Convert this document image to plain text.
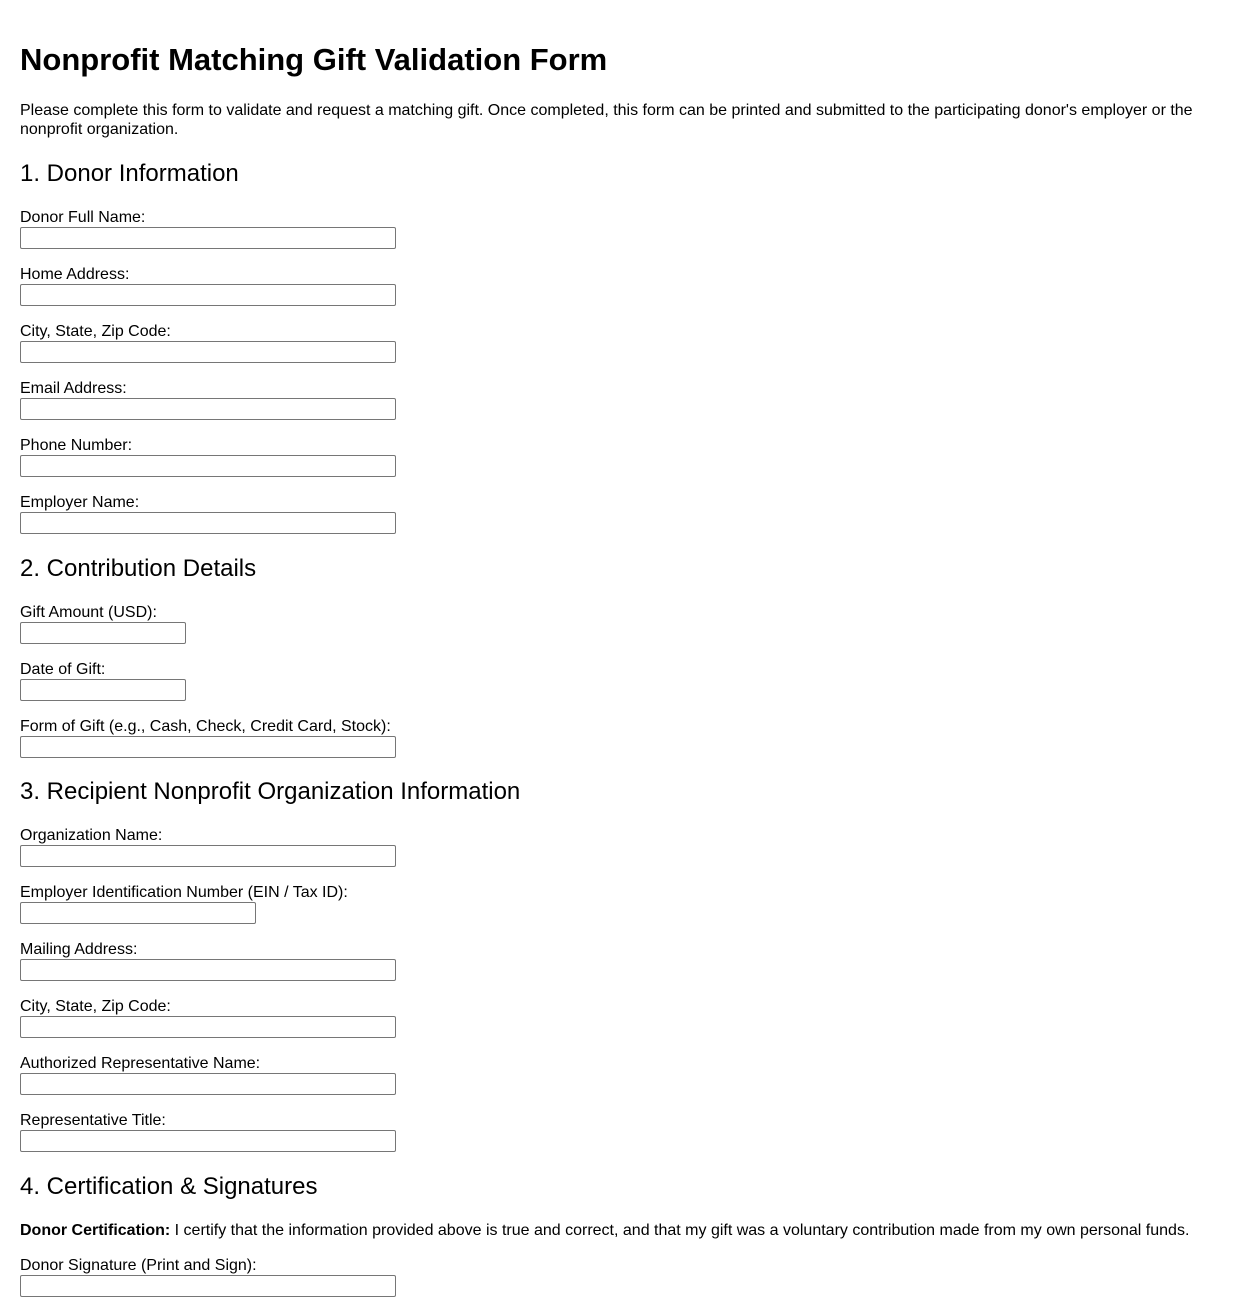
Nonprofit Matching Gift Validation Form

Please complete this form to validate and request a matching gift. Once completed, this form can be printed and submitted to the participating donor's employer or the nonprofit organization.

1. Donor Information
Donor Full Name:
Home Address:
City, State, Zip Code:
Email Address:
Phone Number:
Employer Name:
2. Contribution Details
Gift Amount (USD):
Date of Gift:
Form of Gift (e.g., Cash, Check, Credit Card, Stock):
3. Recipient Nonprofit Organization Information
Organization Name:
Employer Identification Number (EIN / Tax ID):
Mailing Address:
City, State, Zip Code:
Authorized Representative Name:
Representative Title:
4. Certification & Signatures

Donor Certification: I certify that the information provided above is true and correct, and that my gift was a voluntary contribution made from my own personal funds.

Donor Signature (Print and Sign):
